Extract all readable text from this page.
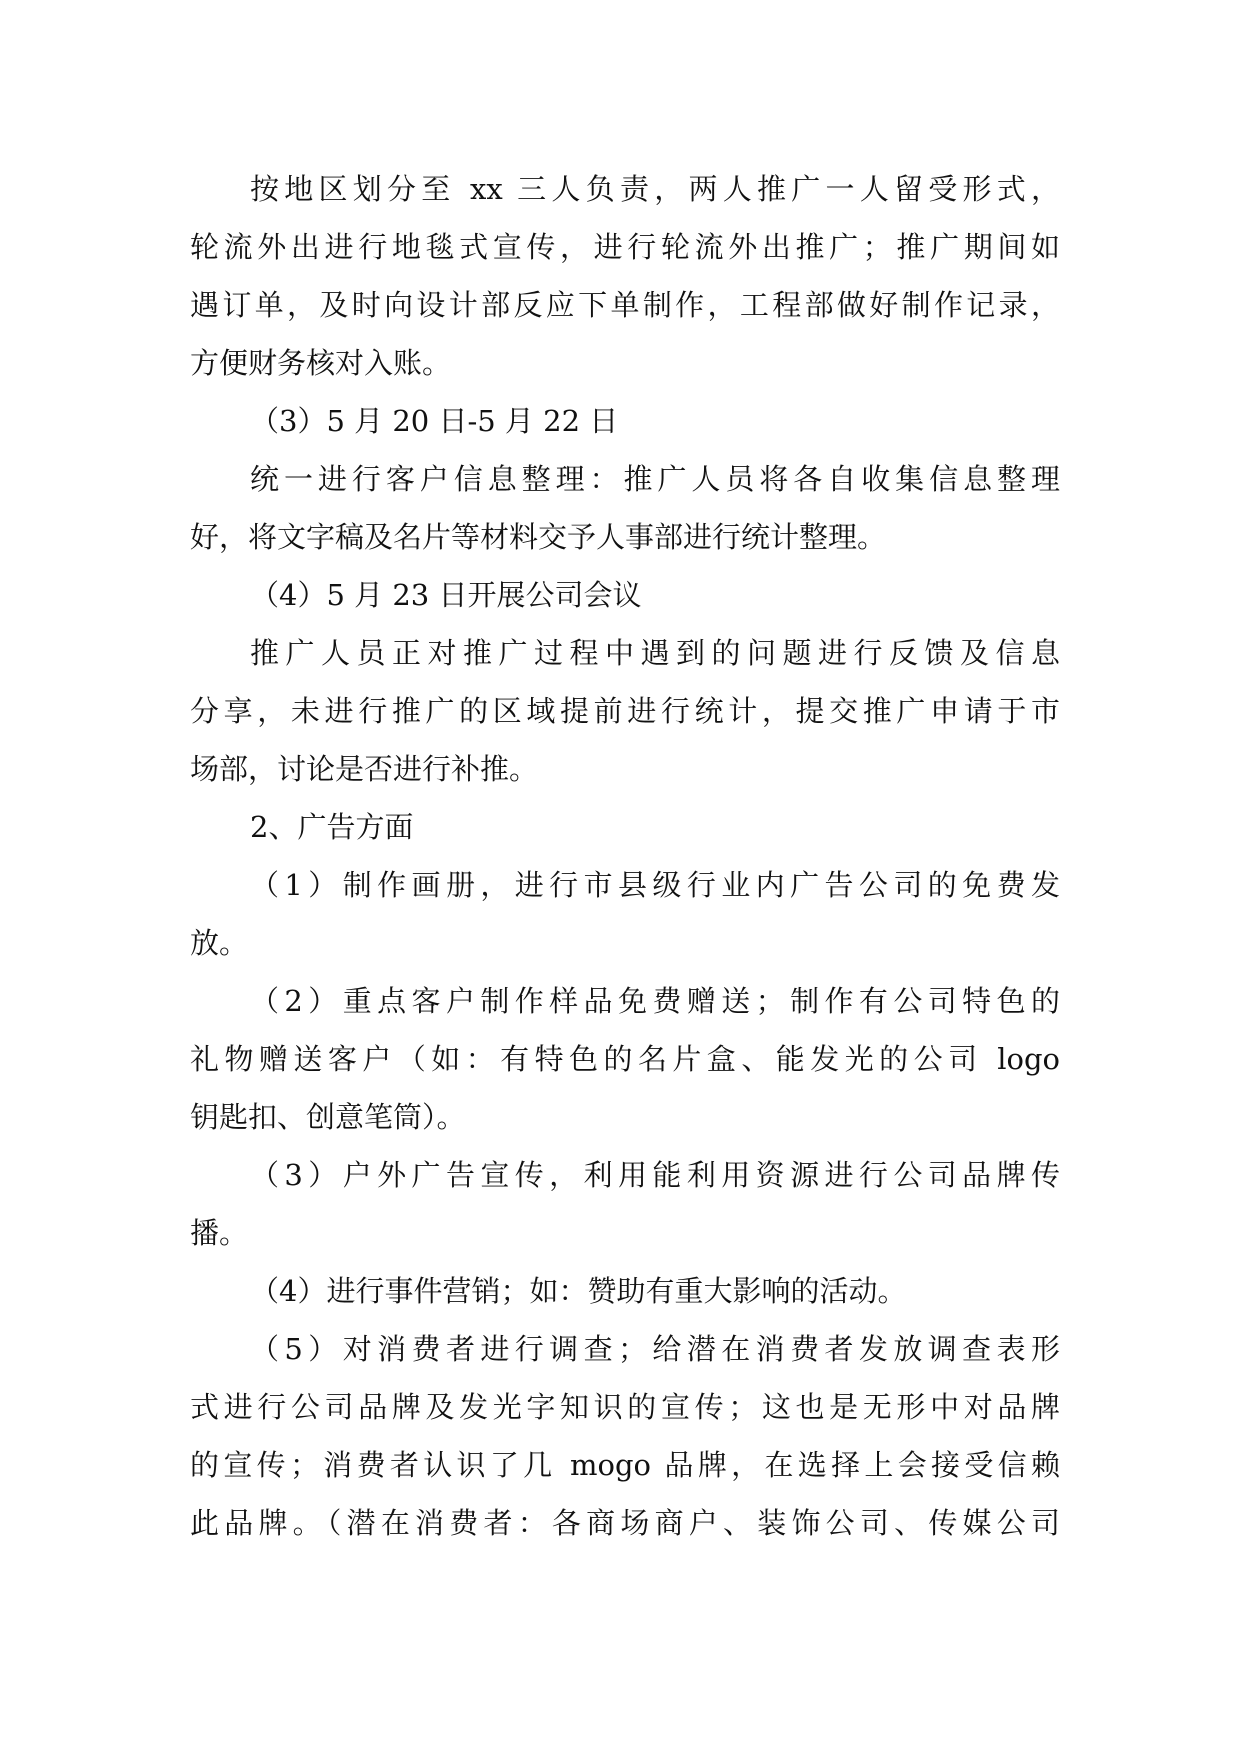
按地区划分至 xx 三人负责，两人推广一人留受形式，
轮流外出进行地毯式宣传，进行轮流外出推广；推广期间如
遇订单，及时向设计部反应下单制作，工程部做好制作记录，
方便财务核对入账。
（3）5 月 20 日-5 月 22 日
统一进行客户信息整理：推广人员将各自收集信息整理
好，将文字稿及名片等材料交予人事部进行统计整理。
（4）5 月 23 日开展公司会议
推广人员正对推广过程中遇到的问题进行反馈及信息
分享，未进行推广的区域提前进行统计，提交推广申请于市
场部，讨论是否进行补推。
2、广告方面
（1）制作画册，进行市县级行业内广告公司的免费发
放。
（2）重点客户制作样品免费赠送；制作有公司特色的
礼物赠送客户（如：有特色的名片盒、能发光的公司 logo
钥匙扣、创意笔筒）。
（3）户外广告宣传，利用能利用资源进行公司品牌传
播。
（4）进行事件营销；如：赞助有重大影响的活动。
（5）对消费者进行调查；给潜在消费者发放调查表形
式进行公司品牌及发光字知识的宣传；这也是无形中对品牌
的宣传；消费者认识了几 mogo 品牌，在选择上会接受信赖
此品牌。（潜在消费者：各商场商户、装饰公司、传媒公司
